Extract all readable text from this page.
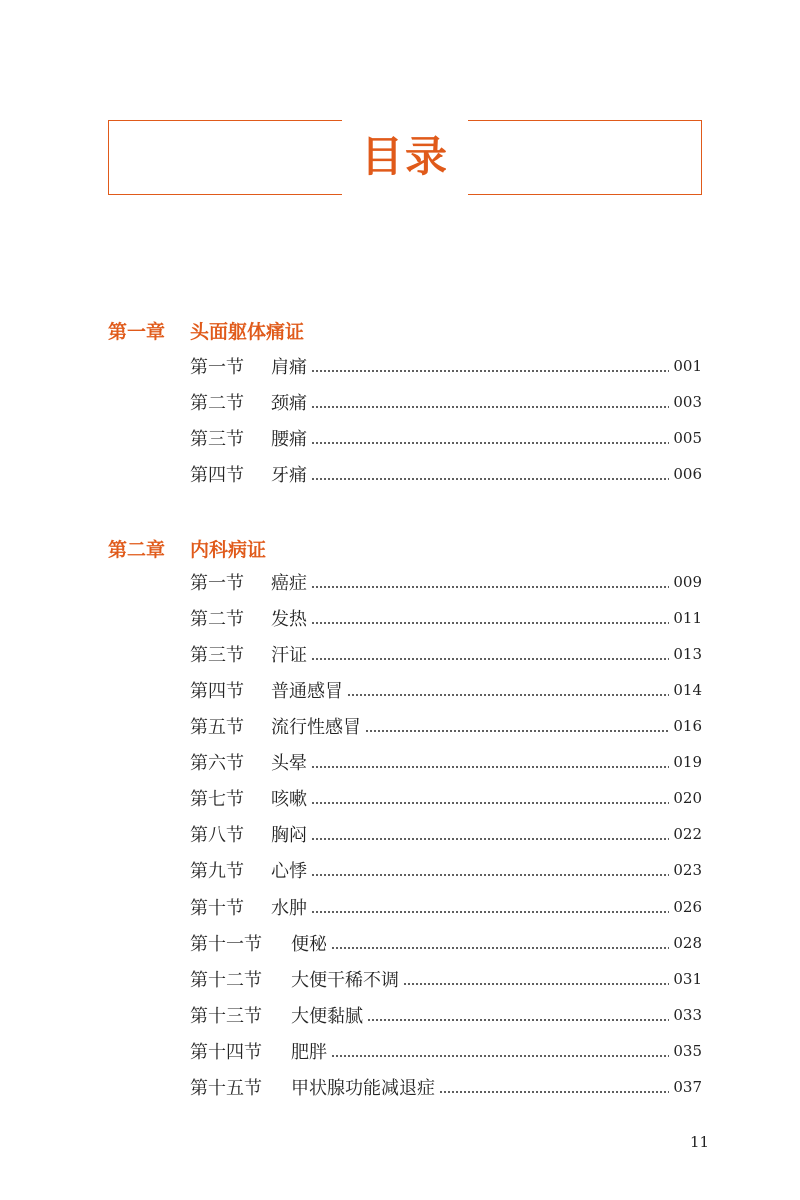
目录
第一章 头面躯体痛证
第一节	肩痛	001
第二节	颈痛	003
第三节	腰痛	005
第四节	牙痛	006
第二章 内科病证
第一节	癌症	009
第二节	发热	011
第三节	汗证	013
第四节	普通感冒	014
第五节	流行性感冒	016
第六节	头晕	019
第七节	咳嗽	020
第八节	胸闷	022
第九节	心悸	023
第十节	水肿	026
第十一节	便秘	028
第十二节	大便干稀不调	031
第十三节	大便黏腻	033
第十四节	肥胖	035
第十五节	甲状腺功能减退症	037
11
